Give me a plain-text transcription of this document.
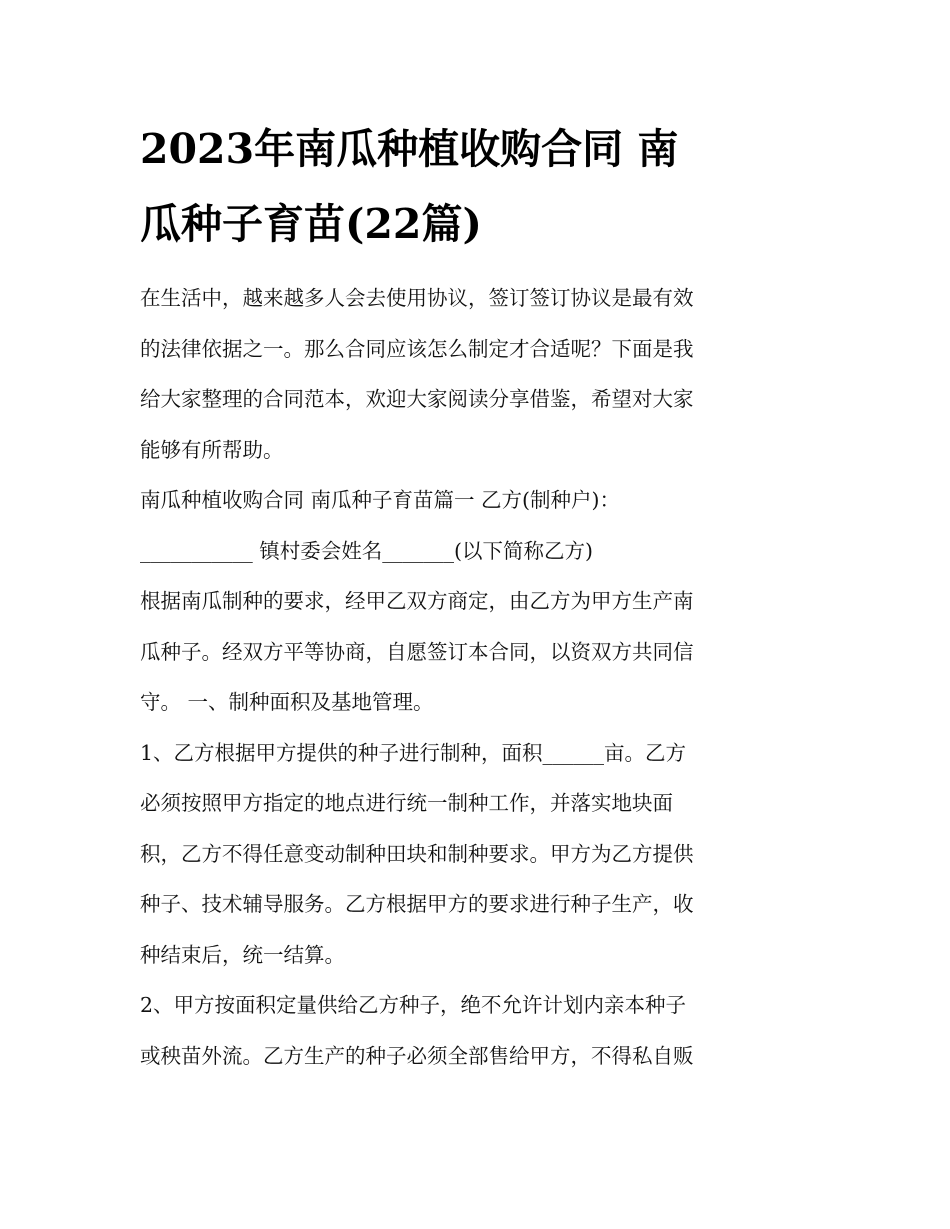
2023年南瓜种植收购合同 南
瓜种子育苗(22篇)
在生活中，越来越多人会去使用协议，签订签订协议是最有效
的法律依据之一。那么合同应该怎么制定才合适呢？下面是我
给大家整理的合同范本，欢迎大家阅读分享借鉴，希望对大家
能够有所帮助。
南瓜种植收购合同 南瓜种子育苗篇一 乙方(制种户)：
___________ 镇村委会姓名_______(以下简称乙方)
根据南瓜制种的要求，经甲乙双方商定，由乙方为甲方生产南
瓜种子。经双方平等协商，自愿签订本合同，以资双方共同信
守。 一、制种面积及基地管理。
1、乙方根据甲方提供的种子进行制种，面积______亩。乙方
必须按照甲方指定的地点进行统一制种工作，并落实地块面
积，乙方不得任意变动制种田块和制种要求。甲方为乙方提供
种子、技术辅导服务。乙方根据甲方的要求进行种子生产，收
种结束后，统一结算。
2、甲方按面积定量供给乙方种子，绝不允许计划内亲本种子
或秧苗外流。乙方生产的种子必须全部售给甲方，不得私自贩
